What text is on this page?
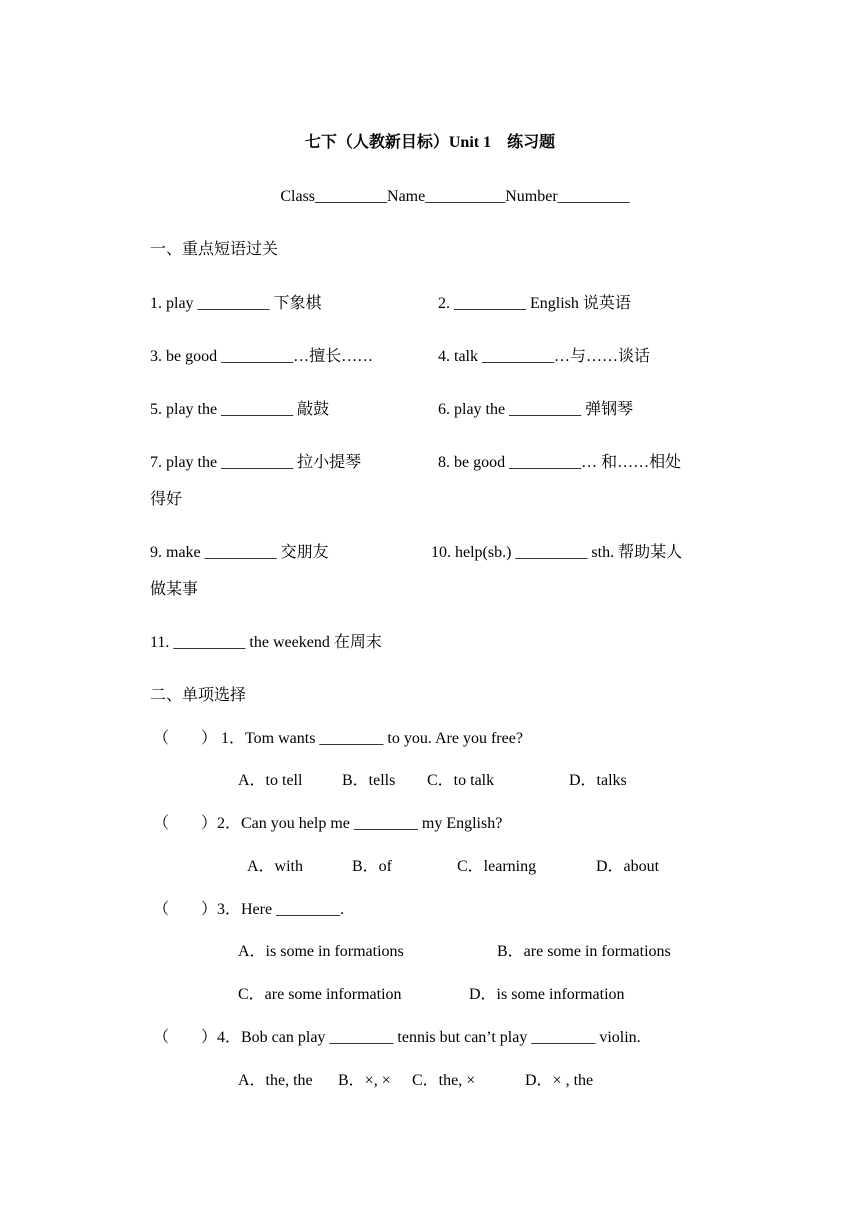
七下（人教新目标）Unit 1　练习题
Class_________Name__________Number_________
一、重点短语过关
1. play _________ 下象棋	2. _________ English 说英语
3. be good _________…擅长……	4. talk _________…与……谈话
5. play the _________ 敲鼓	6. play the _________ 弹钢琴
7. play the _________ 拉小提琴	8. be good _________… 和……相处
得好
9. make _________ 交朋友	10. help(sb.) _________ sth. 帮助某人
做某事
11. _________ the weekend 在周末
二、单项选择
（　　） 1．Tom wants ________ to you. Are you free?
A．to tell B．tells C．to talk	D．talks
（　　）2．Can you help me ________ my English?
A．with	B．of	C．learning	D．about
（　　）3．Here ________.
A．is some in formations	B．are some in formations
C．are some information	D．is some information
（　　）4．Bob can play ________ tennis but can’t play ________ violin.
A．the, the B．×, × C．the, ×	D．× , the
